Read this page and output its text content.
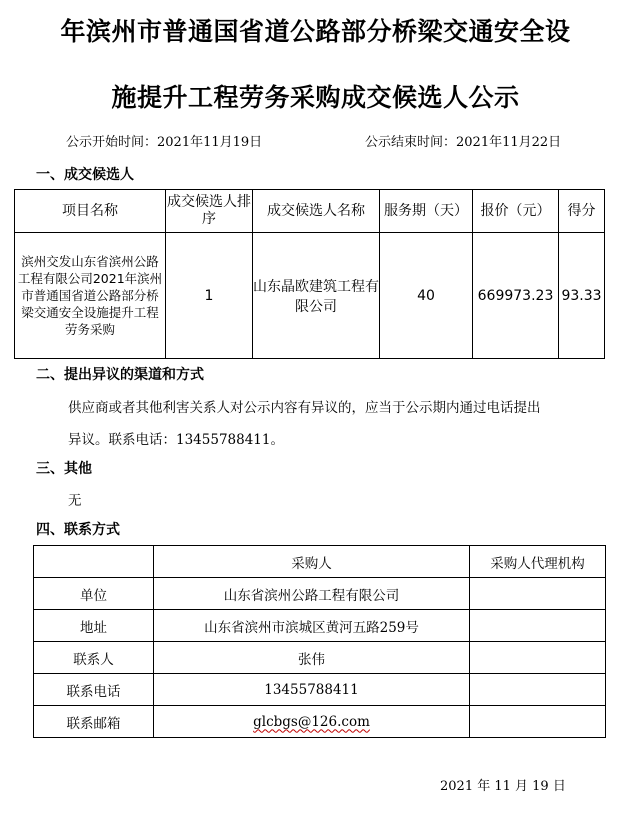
年滨州市普通国省道公路部分桥梁交通安全设
施提升工程劳务采购成交候选人公示
公示开始时间：2021年11月19日	公示结束时间：2021年11月22日
一、成交候选人
项目名称	成交候选人排序	成交候选人名称	服务期（天）	报价（元）	得分
滨州交发山东省滨州公路工程有限公司2021年滨州市普通国省道公路部分桥梁交通安全设施提升工程劳务采购	1	山东晶欧建筑工程有限公司	40	669973.23	93.33
二、提出异议的渠道和方式
供应商或者其他利害关系人对公示内容有异议的，应当于公示期内通过电话提出
异议。联系电话：13455788411。
三、其他
无
四、联系方式
	采购人	采购人代理机构
单位	山东省滨州公路工程有限公司	
地址	山东省滨州市滨城区黄河五路259号	
联系人	张伟	
联系电话	13455788411	
联系邮箱	glcbgs@126.com	
2021 年 11 月 19 日
